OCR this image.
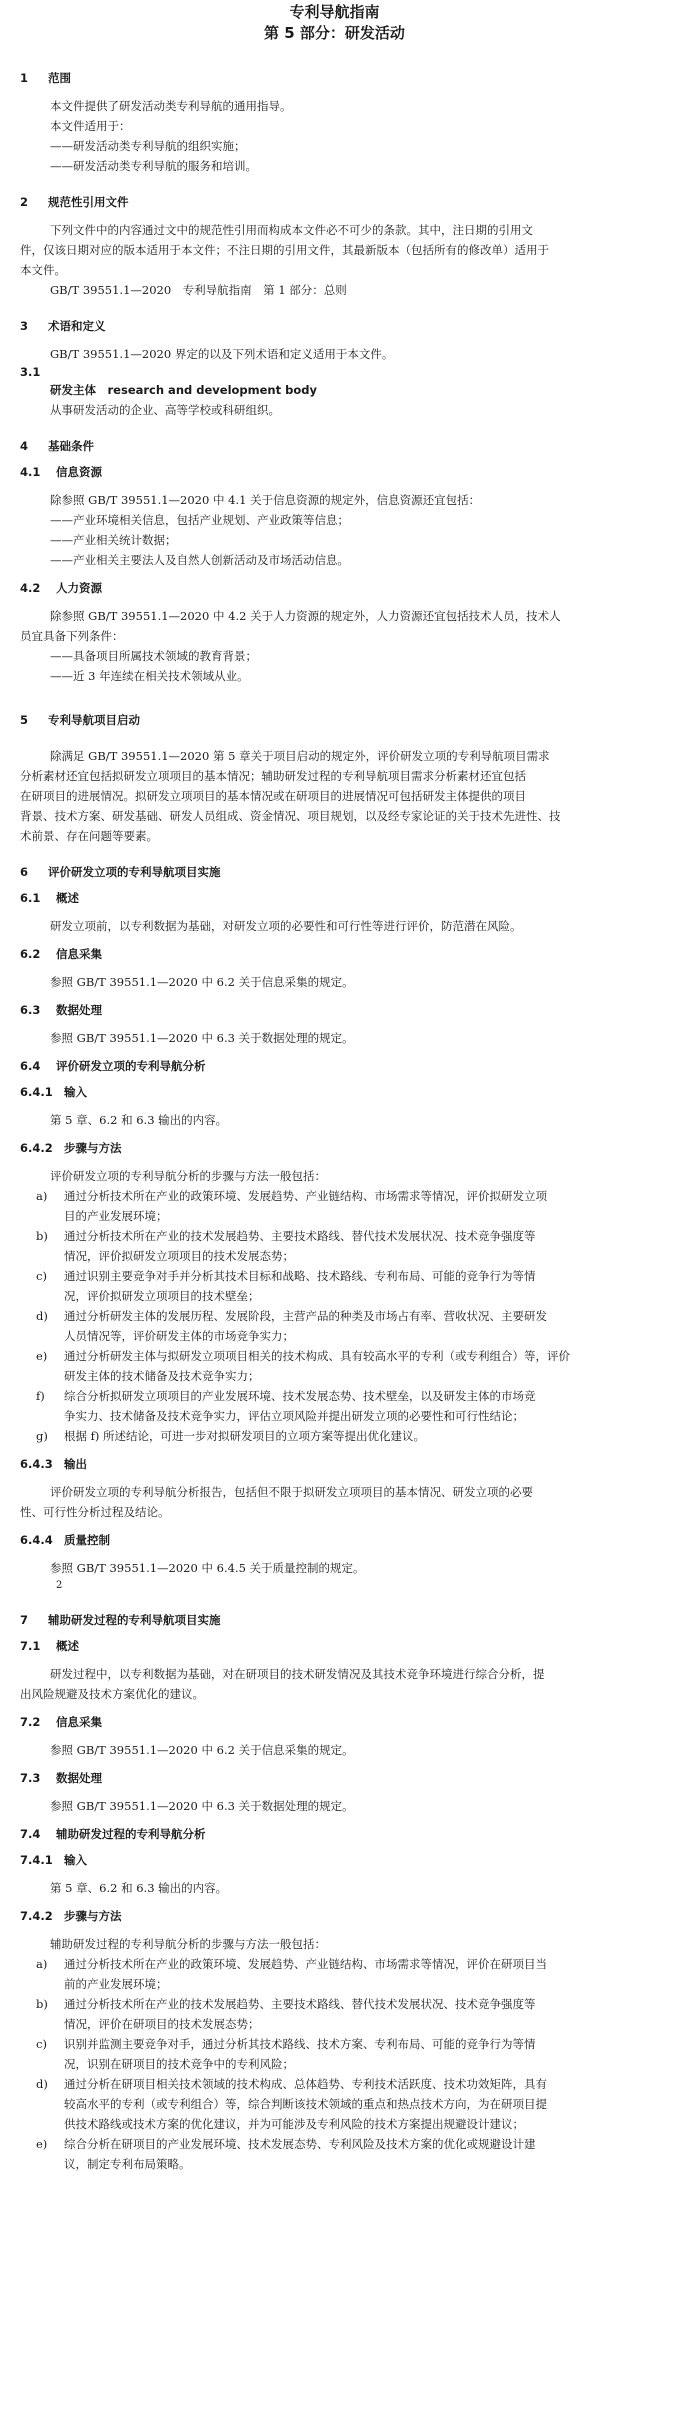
专利导航指南
第 5 部分：研发活动
1	范围
本文件提供了研发活动类专利导航的通用指导。
本文件适用于：
——研发活动类专利导航的组织实施；
——研发活动类专利导航的服务和培训。
2	规范性引用文件
下列文件中的内容通过文中的规范性引用而构成本文件必不可少的条款。其中，注日期的引用文
件，仅该日期对应的版本适用于本文件；不注日期的引用文件，其最新版本（包括所有的修改单）适用于
本文件。
GB/T 39551.1—2020　专利导航指南　第 1 部分：总则
3	术语和定义
GB/T 39551.1—2020 界定的以及下列术语和定义适用于本文件。
3.1
研发主体　research and development body
从事研发活动的企业、高等学校或科研组织。
4	基础条件
4.1	信息资源
除参照 GB/T 39551.1—2020 中 4.1 关于信息资源的规定外，信息资源还宜包括：
——产业环境相关信息，包括产业规划、产业政策等信息；
——产业相关统计数据；
——产业相关主要法人及自然人创新活动及市场活动信息。
4.2	人力资源
除参照 GB/T 39551.1—2020 中 4.2 关于人力资源的规定外，人力资源还宜包括技术人员，技术人
员宜具备下列条件：
——具备项目所属技术领域的教育背景；
——近 3 年连续在相关技术领域从业。
5	专利导航项目启动
除满足 GB/T 39551.1—2020 第 5 章关于项目启动的规定外，评价研发立项的专利导航项目需求
分析素材还宜包括拟研发立项项目的基本情况；辅助研发过程的专利导航项目需求分析素材还宜包括
在研项目的进展情况。拟研发立项项目的基本情况或在研项目的进展情况可包括研发主体提供的项目
背景、技术方案、研发基础、研发人员组成、资金情况、项目规划，以及经专家论证的关于技术先进性、技
术前景、存在问题等要素。
6	评价研发立项的专利导航项目实施
6.1	概述
研发立项前，以专利数据为基础，对研发立项的必要性和可行性等进行评价，防范潜在风险。
6.2	信息采集
参照 GB/T 39551.1—2020 中 6.2 关于信息采集的规定。
6.3	数据处理
参照 GB/T 39551.1—2020 中 6.3 关于数据处理的规定。
6.4	评价研发立项的专利导航分析
6.4.1 输入
第 5 章、6.2 和 6.3 输出的内容。
6.4.2 步骤与方法
评价研发立项的专利导航分析的步骤与方法一般包括：
a)	通过分析技术所在产业的政策环境、发展趋势、产业链结构、市场需求等情况，评价拟研发立项
目的产业发展环境；
b)	通过分析技术所在产业的技术发展趋势、主要技术路线、替代技术发展状况、技术竞争强度等
情况，评价拟研发立项项目的技术发展态势；
c)	通过识别主要竞争对手并分析其技术目标和战略、技术路线、专利布局、可能的竞争行为等情
况，评价拟研发立项项目的技术壁垒；
d)	通过分析研发主体的发展历程、发展阶段，主营产品的种类及市场占有率、营收状况、主要研发
人员情况等，评价研发主体的市场竞争实力；
e)	通过分析研发主体与拟研发立项项目相关的技术构成、具有较高水平的专利（或专利组合）等，评价
研发主体的技术储备及技术竞争实力；
f)	综合分析拟研发立项项目的产业发展环境、技术发展态势、技术壁垒，以及研发主体的市场竞
争实力、技术储备及技术竞争实力，评估立项风险并提出研发立项的必要性和可行性结论；
g)	根据 f) 所述结论，可进一步对拟研发项目的立项方案等提出优化建议。
6.4.3 输出
评价研发立项的专利导航分析报告，包括但不限于拟研发立项项目的基本情况、研发立项的必要
性、可行性分析过程及结论。
6.4.4 质量控制
参照 GB/T 39551.1—2020 中 6.4.5 关于质量控制的规定。
2
7	辅助研发过程的专利导航项目实施
7.1	概述
研发过程中，以专利数据为基础，对在研项目的技术研发情况及其技术竞争环境进行综合分析，提
出风险规避及技术方案优化的建议。
7.2	信息采集
参照 GB/T 39551.1—2020 中 6.2 关于信息采集的规定。
7.3	数据处理
参照 GB/T 39551.1—2020 中 6.3 关于数据处理的规定。
7.4	辅助研发过程的专利导航分析
7.4.1 输入
第 5 章、6.2 和 6.3 输出的内容。
7.4.2 步骤与方法
辅助研发过程的专利导航分析的步骤与方法一般包括：
a)	通过分析技术所在产业的政策环境、发展趋势、产业链结构、市场需求等情况，评价在研项目当
前的产业发展环境；
b)	通过分析技术所在产业的技术发展趋势、主要技术路线、替代技术发展状况、技术竞争强度等
情况，评价在研项目的技术发展态势；
c)	识别并监测主要竞争对手，通过分析其技术路线、技术方案、专利布局、可能的竞争行为等情
况，识别在研项目的技术竞争中的专利风险；
d)	通过分析在研项目相关技术领域的技术构成、总体趋势、专利技术活跃度、技术功效矩阵，具有
较高水平的专利（或专利组合）等，综合判断该技术领域的重点和热点技术方向，为在研项目提
供技术路线或技术方案的优化建议，并为可能涉及专利风险的技术方案提出规避设计建议；
e)	综合分析在研项目的产业发展环境、技术发展态势、专利风险及技术方案的优化或规避设计建
议，制定专利布局策略。
